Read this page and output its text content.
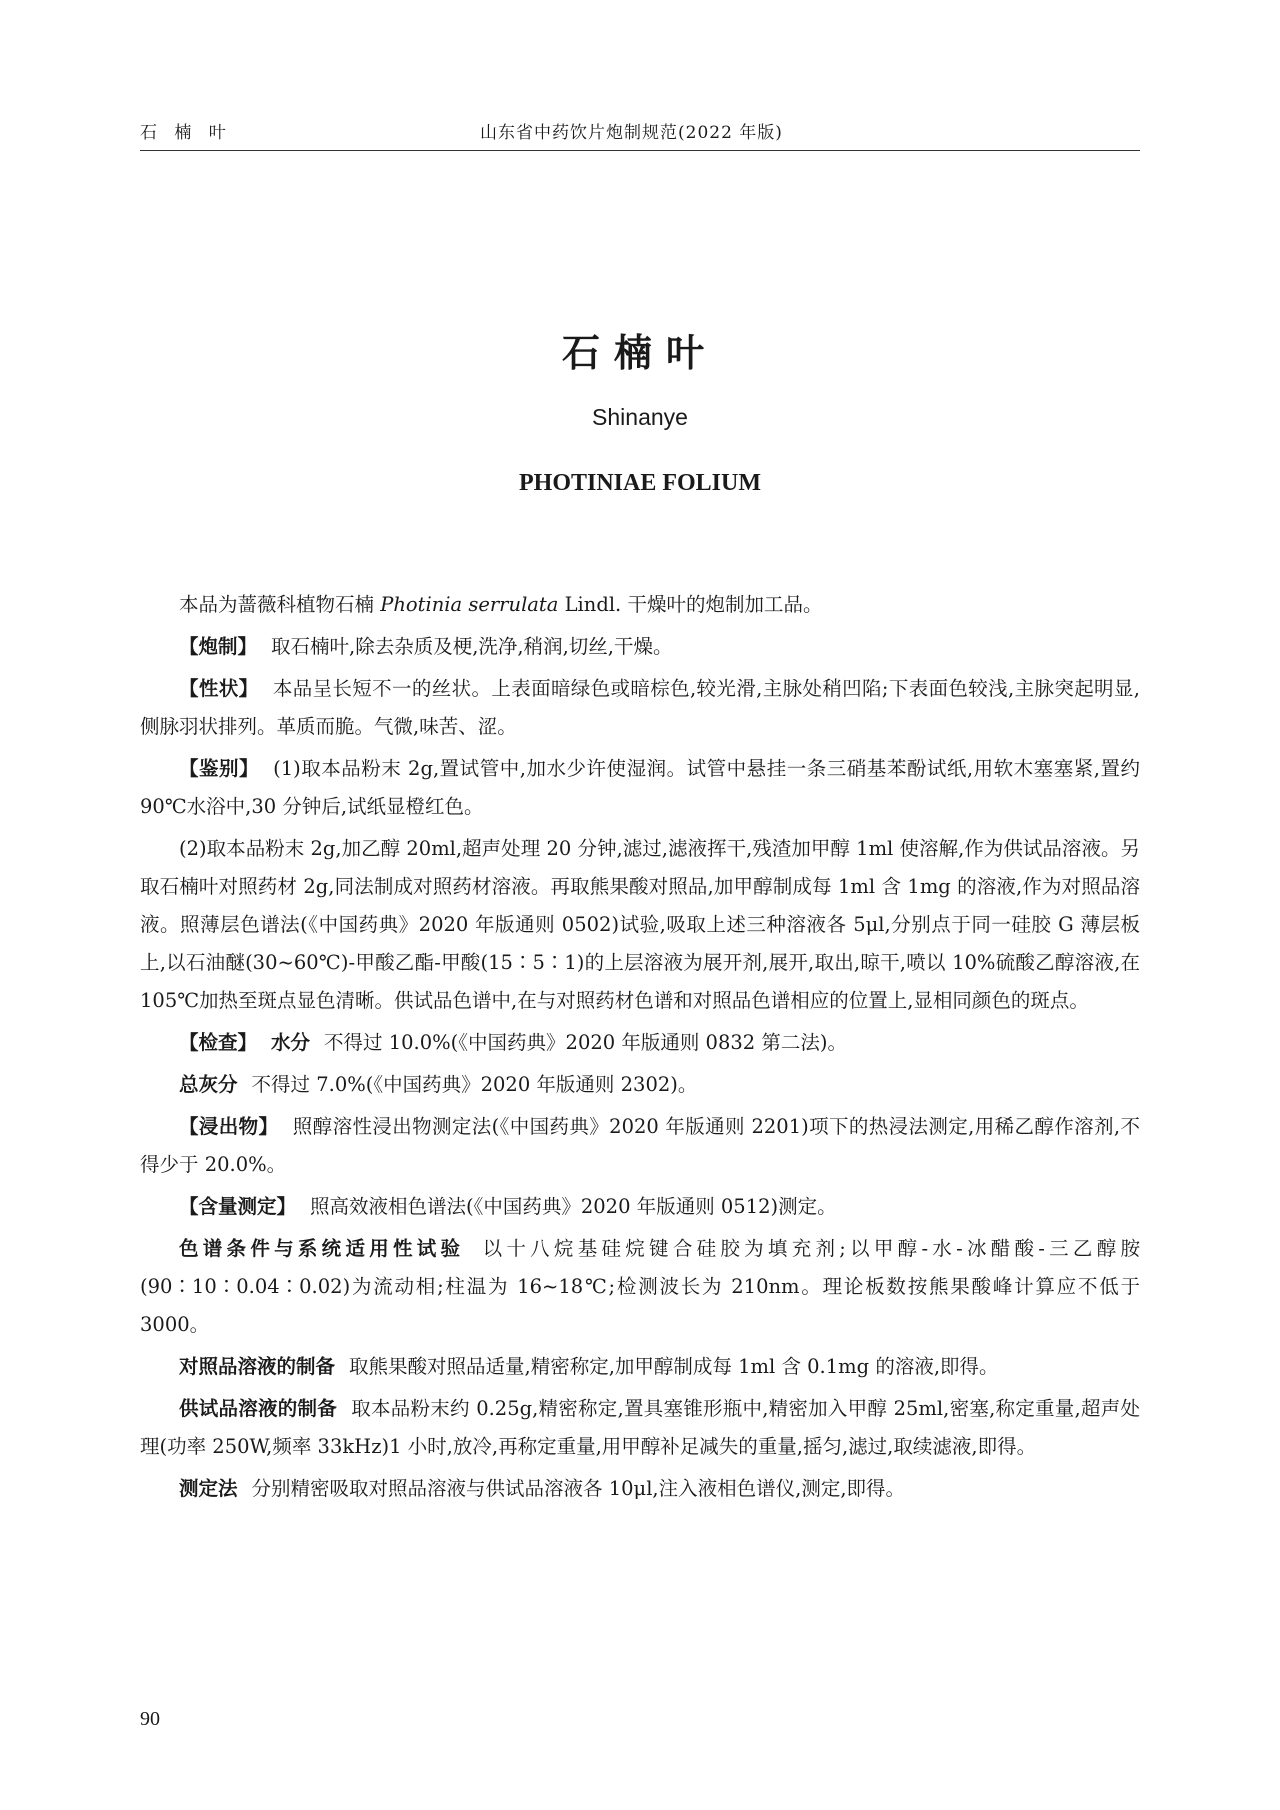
石 楠 叶	山东省中药饮片炮制规范(2022 年版)
石楠叶
Shinanye
PHOTINIAE FOLIUM

本品为蔷薇科植物石楠 Photinia serrulata Lindl. 干燥叶的炮制加工品。

【炮制】 取石楠叶,除去杂质及梗,洗净,稍润,切丝,干燥。

【性状】 本品呈长短不一的丝状。上表面暗绿色或暗棕色,较光滑,主脉处稍凹陷;下表面色较浅,主脉突起明显,侧脉羽状排列。革质而脆。气微,味苦、涩。

【鉴别】 (1)取本品粉末 2g,置试管中,加水少许使湿润。试管中悬挂一条三硝基苯酚试纸,用软木塞塞紧,置约 90℃水浴中,30 分钟后,试纸显橙红色。

(2)取本品粉末 2g,加乙醇 20ml,超声处理 20 分钟,滤过,滤液挥干,残渣加甲醇 1ml 使溶解,作为供试品溶液。另取石楠叶对照药材 2g,同法制成对照药材溶液。再取熊果酸对照品,加甲醇制成每 1ml 含 1mg 的溶液,作为对照品溶液。照薄层色谱法(《中国药典》2020 年版通则 0502)试验,吸取上述三种溶液各 5μl,分别点于同一硅胶 G 薄层板上,以石油醚(30~60℃)-甲酸乙酯-甲酸(15∶5∶1)的上层溶液为展开剂,展开,取出,晾干,喷以 10%硫酸乙醇溶液,在 105℃加热至斑点显色清晰。供试品色谱中,在与对照药材色谱和对照品色谱相应的位置上,显相同颜色的斑点。

【检查】 水分 不得过 10.0%(《中国药典》2020 年版通则 0832 第二法)。

总灰分 不得过 7.0%(《中国药典》2020 年版通则 2302)。

【浸出物】 照醇溶性浸出物测定法(《中国药典》2020 年版通则 2201)项下的热浸法测定,用稀乙醇作溶剂,不得少于 20.0%。

【含量测定】 照高效液相色谱法(《中国药典》2020 年版通则 0512)测定。

色谱条件与系统适用性试验 以十八烷基硅烷键合硅胶为填充剂;以甲醇-水-冰醋酸-三乙醇胺(90∶10∶0.04∶0.02)为流动相;柱温为 16~18℃;检测波长为 210nm。理论板数按熊果酸峰计算应不低于 3000。

对照品溶液的制备 取熊果酸对照品适量,精密称定,加甲醇制成每 1ml 含 0.1mg 的溶液,即得。

供试品溶液的制备 取本品粉末约 0.25g,精密称定,置具塞锥形瓶中,精密加入甲醇 25ml,密塞,称定重量,超声处理(功率 250W,频率 33kHz)1 小时,放冷,再称定重量,用甲醇补足减失的重量,摇匀,滤过,取续滤液,即得。

测定法 分别精密吸取对照品溶液与供试品溶液各 10μl,注入液相色谱仪,测定,即得。

90
